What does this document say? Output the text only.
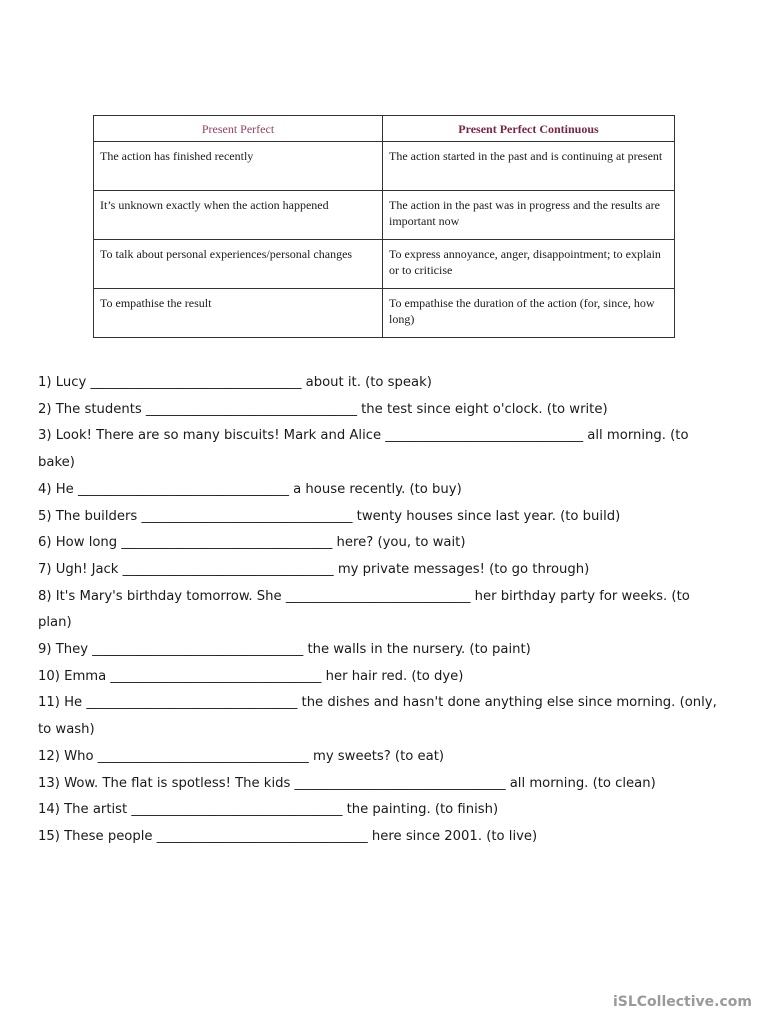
Present Perfect	Present Perfect Continuous
The action has finished recently	The action started in the past and is continuing at present
It’s unknown exactly when the action happened	The action in the past was in progress and the results are important now
To talk about personal experiences/personal changes	To express annoyance, anger, disappointment; to explain or to criticise
To empathise the result	To empathise the duration of the action (for, since, how long)
1) Lucy ________________________________ about it. (to speak)
2) The students ________________________________ the test since eight o'clock. (to write)
3) Look! There are so many biscuits! Mark and Alice ______________________________ all morning. (to bake)
4) He ________________________________ a house recently. (to buy)
5) The builders ________________________________ twenty houses since last year. (to build)
6) How long ________________________________ here? (you, to wait)
7) Ugh! Jack ________________________________ my private messages! (to go through)
8) It's Mary's birthday tomorrow. She ____________________________ her birthday party for weeks. (to plan)
9) They ________________________________ the walls in the nursery. (to paint)
10) Emma ________________________________ her hair red. (to dye)
11) He ________________________________ the dishes and hasn't done anything else since morning. (only, to wash)
12) Who ________________________________ my sweets? (to eat)
13) Wow. The flat is spotless! The kids ________________________________ all morning. (to clean)
14) The artist ________________________________ the painting. (to finish)
15) These people ________________________________ here since 2001. (to live)
iSLCollective.com
